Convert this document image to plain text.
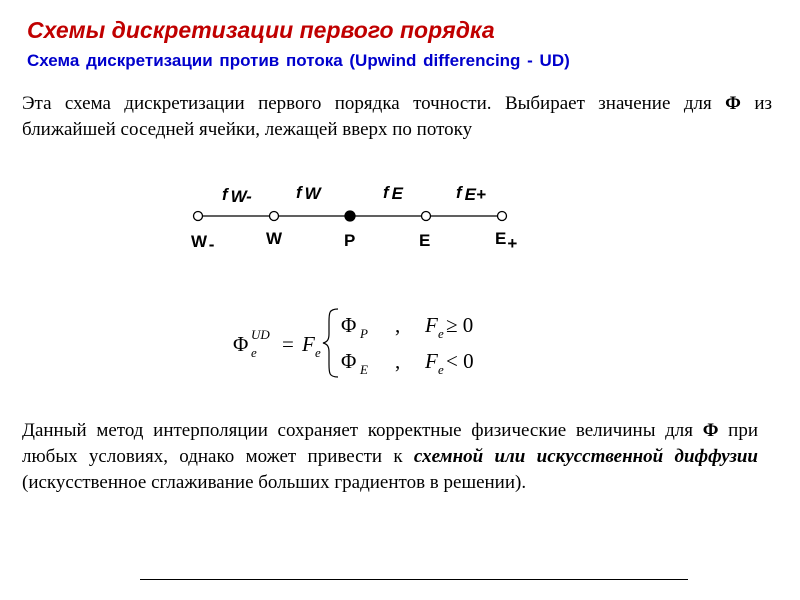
Схемы дискретизации первого порядка
Схема дискретизации против потока (Upwind differencing - UD)
Эта схема дискретизации первого порядка точности. Выбирает значение для Φ из ближайшей соседней ячейки, лежащей вверх по потоку
W -	W	P	E	E+
f W-	f W	f E	f E+
Φ UD
e = F e
Φ P , F e ≥ 0
Φ E , F e < 0
Данный метод интерполяции сохраняет корректные физические величины для Φ при любых условиях, однако может привести к схемной или искусственной диффузии (искусственное сглаживание больших градиентов в решении).
